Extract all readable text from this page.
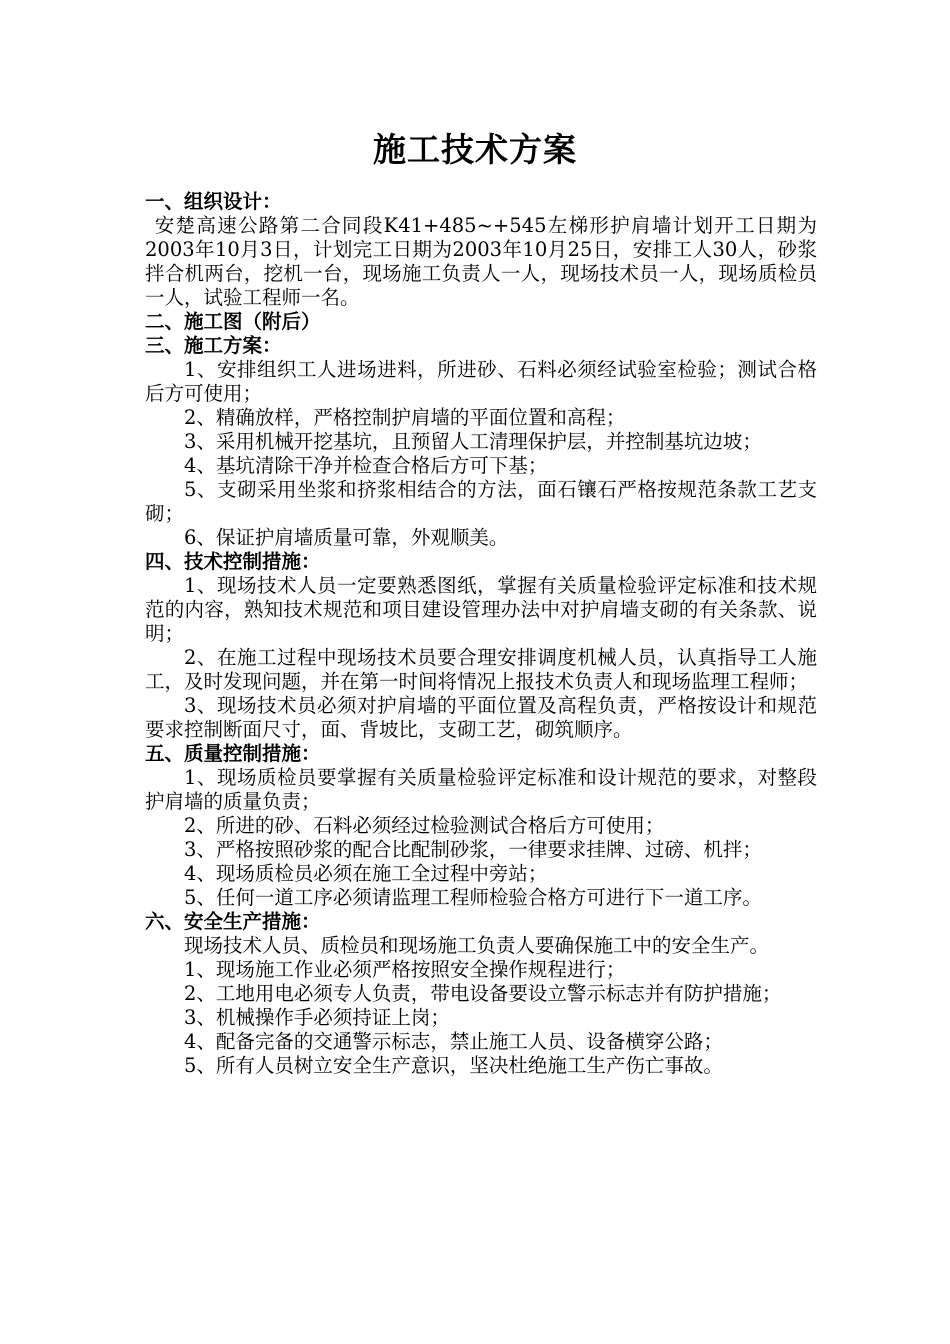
施工技术方案

一、组织设计：

安楚高速公路第二合同段K41+485~+545左梯形护肩墙计划开工日期为2003年10月3日，计划完工日期为2003年10月25日，安排工人30人，砂浆拌合机两台，挖机一台，现场施工负责人一人，现场技术员一人，现场质检员一人，试验工程师一名。

二、施工图（附后）

三、施工方案：

1、安排组织工人进场进料，所进砂、石料必须经试验室检验；测试合格后方可使用；

2、精确放样，严格控制护肩墙的平面位置和高程；

3、采用机械开挖基坑，且预留人工清理保护层，并控制基坑边坡；

4、基坑清除干净并检查合格后方可下基；

5、支砌采用坐浆和挤浆相结合的方法，面石镶石严格按规范条款工艺支砌；

6、保证护肩墙质量可靠，外观顺美。

四、技术控制措施：

1、现场技术人员一定要熟悉图纸，掌握有关质量检验评定标准和技术规范的内容，熟知技术规范和项目建设管理办法中对护肩墙支砌的有关条款、说明；

2、在施工过程中现场技术员要合理安排调度机械人员，认真指导工人施工，及时发现问题，并在第一时间将情况上报技术负责人和现场监理工程师；

3、现场技术员必须对护肩墙的平面位置及高程负责，严格按设计和规范要求控制断面尺寸，面、背坡比，支砌工艺，砌筑顺序。

五、质量控制措施：

1、现场质检员要掌握有关质量检验评定标准和设计规范的要求，对整段护肩墙的质量负责；

2、所进的砂、石料必须经过检验测试合格后方可使用；

3、严格按照砂浆的配合比配制砂浆，一律要求挂牌、过磅、机拌；

4、现场质检员必须在施工全过程中旁站；

5、任何一道工序必须请监理工程师检验合格方可进行下一道工序。

六、安全生产措施：

现场技术人员、质检员和现场施工负责人要确保施工中的安全生产。

1、现场施工作业必须严格按照安全操作规程进行；

2、工地用电必须专人负责，带电设备要设立警示标志并有防护措施；

3、机械操作手必须持证上岗；

4、配备完备的交通警示标志，禁止施工人员、设备横穿公路；

5、所有人员树立安全生产意识，坚决杜绝施工生产伤亡事故。
